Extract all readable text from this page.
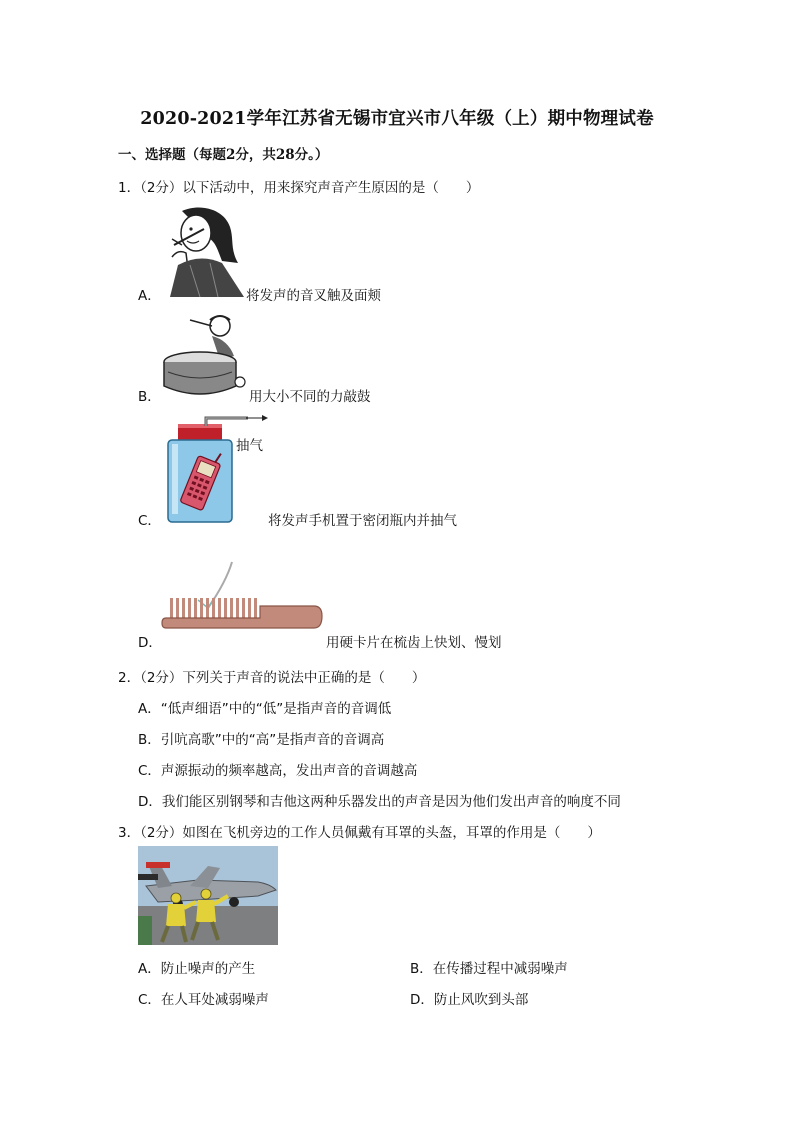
2020-2021学年江苏省无锡市宜兴市八年级（上）期中物理试卷
一、选择题（每题2分，共28分。）
1．（2分）以下活动中，用来探究声音产生原因的是（　　）
A．	将发声的音叉触及面颊
B．	用大小不同的力敲鼓
C．
抽气
将发声手机置于密闭瓶内并抽气
D．	用硬卡片在梳齿上快划、慢划
2．（2分）下列关于声音的说法中正确的是（　　）
A．“低声细语”中的“低”是指声音的音调低
B．引吭高歌”中的“高”是指声音的音调高
C．声源振动的频率越高，发出声音的音调越高
D．我们能区别钢琴和吉他这两种乐器发出的声音是因为他们发出声音的响度不同
3．（2分）如图在飞机旁边的工作人员佩戴有耳罩的头盔，耳罩的作用是（　　）
A．防止噪声的产生	B．在传播过程中减弱噪声
C．在人耳处减弱噪声	D．防止风吹到头部
